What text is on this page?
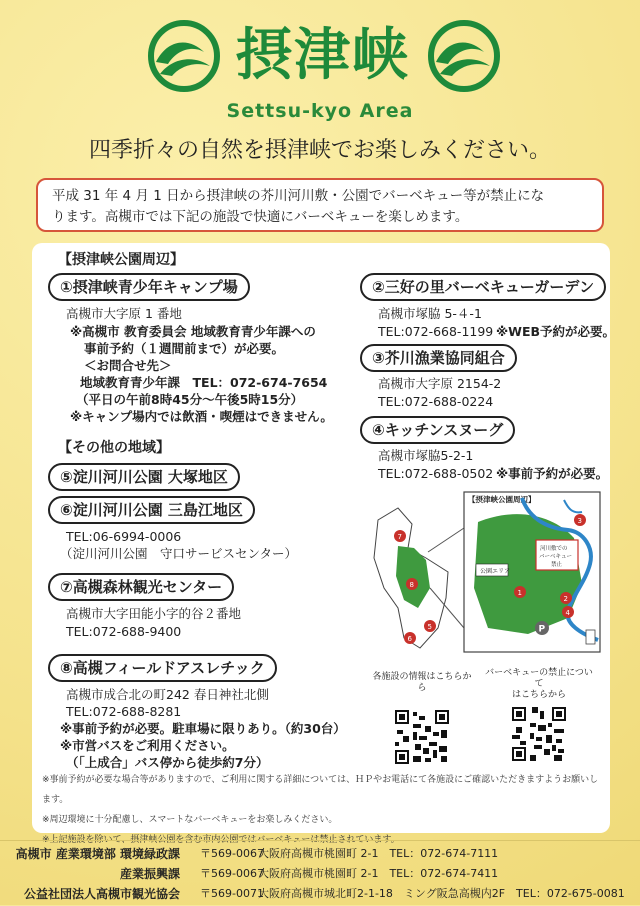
摂津峡
Settsu-kyo Area
四季折々の自然を摂津峡でお楽しみください。
平成 31 年 4 月 1 日から摂津峡の芥川河川敷・公園でバーベキュー等が禁止にな
ります。高槻市では下記の施設で快適にバーベキューを楽しめます。
【摂津峡公園周辺】
①摂津峡青少年キャンプ場
高槻市大字原 1 番地
※高槻市 教育委員会 地域教育青少年課への
事前予約（１週間前まで）が必要。
＜お問合せ先＞
地域教育青少年課　TEL：072-674-7654
（平日の午前8時45分～午後5時15分）
※キャンプ場内では飲酒・喫煙はできません。
②三好の里バーベキューガーデン
高槻市塚脇 5‐４‐1
TEL:072-668-1199 ※WEB予約が必要。
③芥川漁業協同組合
高槻市大字原 2154-2
TEL:072-688-0224
④キッチンスヌーグ
高槻市塚脇5-2-1
TEL:072-688-0502 ※事前予約が必要。
【その他の地域】
⑤淀川河川公園 大塚地区
⑥淀川河川公園 三島江地区
TEL:06-6994-0006
（淀川河川公園　守口サービスセンター）
⑦高槻森林観光センター
高槻市大字田能小字的谷２番地
TEL:072-688-9400
⑧高槻フィールドアスレチック
高槻市成合北の町242 春日神社北側
TEL:072-688-8281
※事前予約が必要。駐車場に限りあり。（約30台）
※市営バスをご利用ください。
（「上成合」バス停から徒歩約7分）
【摂津峡公園周辺】
公園エリア
河川敷での
バーベキュー
禁止
3
1
2
4
7
8
5
6
P
各施設の情報はこちらから
バーベキューの禁止について
はこちらから
※事前予約が必要な場合等がありますので、ご利用に関する詳細については、ＨＰやお電話にて各施設にご確認いただきますようお願いします。
※周辺環境に十分配慮し、スマートなバーベキューをお楽しみください。
※上記施設を除いて、摂津峡公園を含む市内公園ではバーベキューは禁止されています。
高槻市 産業環境部 環境緑政課 〒569-0067
大阪府高槻市桃園町 2-1　TEL：072-674-7111
産業振興課 〒569-0067
大阪府高槻市桃園町 2-1　TEL：072-674-7411
公益社団法人高槻市観光協会 〒569-0071
大阪府高槻市城北町2-1-18　ミング阪急高槻内2F　TEL：072-675-0081
